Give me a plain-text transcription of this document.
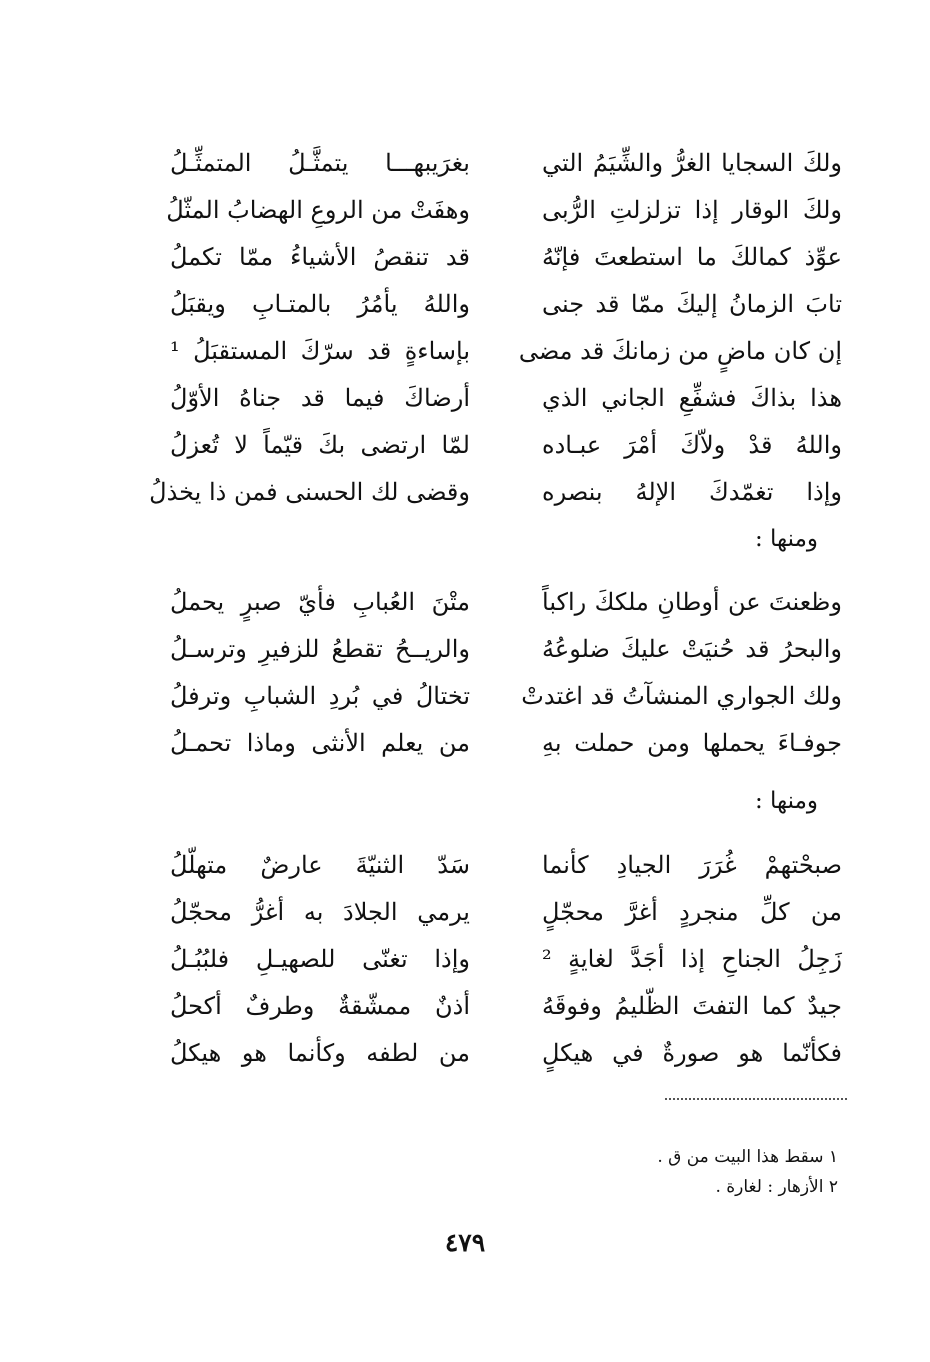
ولكَ السجايا الغرُّ والشِّيَمُ التي
بغرَيبهـــا يتمثَّـلُ المتمثِّـلُ
ولكَ الوقار إذا تزلزلتِ الرُّبى
وهفَتْ من الروعِ الهضابُ المثّلُ
عوِّذ كمالكَ ما استطعتَ فإنّهُ
قد تنقصُ الأشياءُ ممّا تكملُ
تابَ الزمانُ إليكَ ممّا قد جنى
واللهُ يأمُرُ بالمتـابِ ويقبَلُ
إن كان ماضٍ من زمانكَ قد مضى
بإساءةٍ قد سرّكَ المستقبَلُ ¹
هذا بذاكَ فشفِّعِ الجاني الذي
أرضاكَ فيما قد جناهُ الأوّلُ
واللهُ قدْ ولاّكَ أمْرَ عبـاده
لمّا ارتضى بكَ قيّماً لا تُعزلُ
وإذا تغمّدكَ الإلهُ بنصره
وقضى لك الحسنى فمن ذا يخذلُ
ومنها :
وظعنتَ عن أوطانِ ملككَ راكباً
متْنَ العُبابِ فأيّ صبرٍ يحملُ
والبحرُ قد حُنيَتْ عليكَ ضلوعُهُ
والريــحُ تقطعُ للزفيرِ وترسـلُ
ولك الجواري المنشآتُ قد اغتدتْ
تختالُ في بُردِ الشبابِ وترفلُ
جوفـاءَ يحملها ومن حملت بهِ
من يعلم الأنثى وماذا تحمـلُ
ومنها :
صبحْتهمْ غُرَرَ الجيادِ كأنما
سَدّ الثنيّةَ عارضٌ متهلّلُ
من كلِّ منجردٍ أغرَّ محجّلٍ
يرمي الجلادَ به أغرُّ محجّلُ
زَجِلُ الجناحِ إذا أجَدَّ لغايةٍ ²
وإذا تغنّى للصهيـلِ فلبُبُـلُ
جيدٌ كما التفتَ الظّليمُ وفوقَهُ
أذنٌ ممشّقةٌ وطرفٌ أكحلُ
فكأنّما هو صورةٌ في هيكلٍ
من لطفه وكأنما هو هيكلُ
١ سقط هذا البيت من ق .
٢ الأزهار : لغارة .
٤٧٩
